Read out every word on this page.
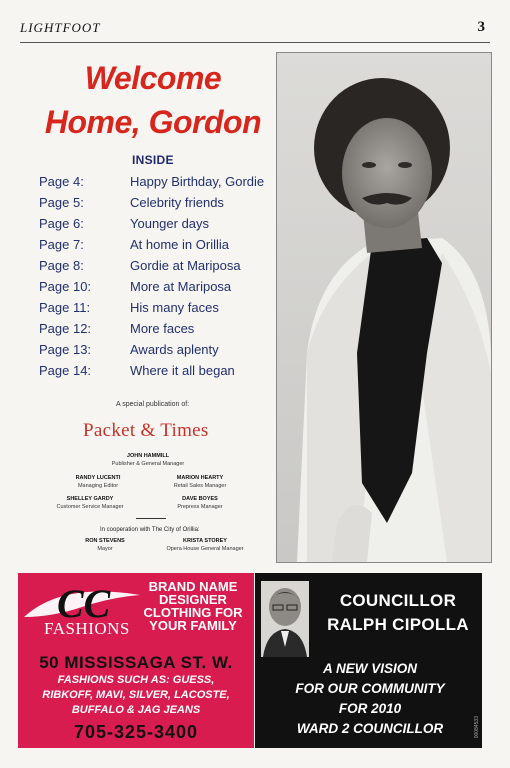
LIGHTFOOT	3
Welcome
Home, Gordon
INSIDE
Page 4:	Happy Birthday, Gordie
Page 5:	Celebrity friends
Page 6:	Younger days
Page 7:	At home in Orillia
Page 8:	Gordie at Mariposa
Page 10:	More at Mariposa
Page 11:	His many faces
Page 12:	More faces
Page 13:	Awards aplenty
Page 14:	Where it all began
A special publication of:
Packet & Times
JOHN HAMMILL
Publisher & General Manager
RANDY LUCENTI
Managing Editor
MARION HEARTY
Retail Sales Manager
SHELLEY GARDY
Customer Service Manager
DAVE BOYES
Prepress Manager
In cooperation with The City of Orillia:
RON STEVENS
Mayor
KRISTA STOREY
Opera House General Manager
CC
FASHIONS
BRAND NAME
DESIGNER
CLOTHING FOR
YOUR FAMILY
50 MISSISSAGA ST. W.
FASHIONS SUCH AS: GUESS,
RIBKOFF, MAVI, SILVER, LACOSTE,
BUFFALO & JAG JEANS
705-325-3400
COUNCILLOR
RALPH CIPOLLA
A NEW VISION
FOR OUR COMMUNITY
FOR 2010
WARD 2 COUNCILLOR	00084533
